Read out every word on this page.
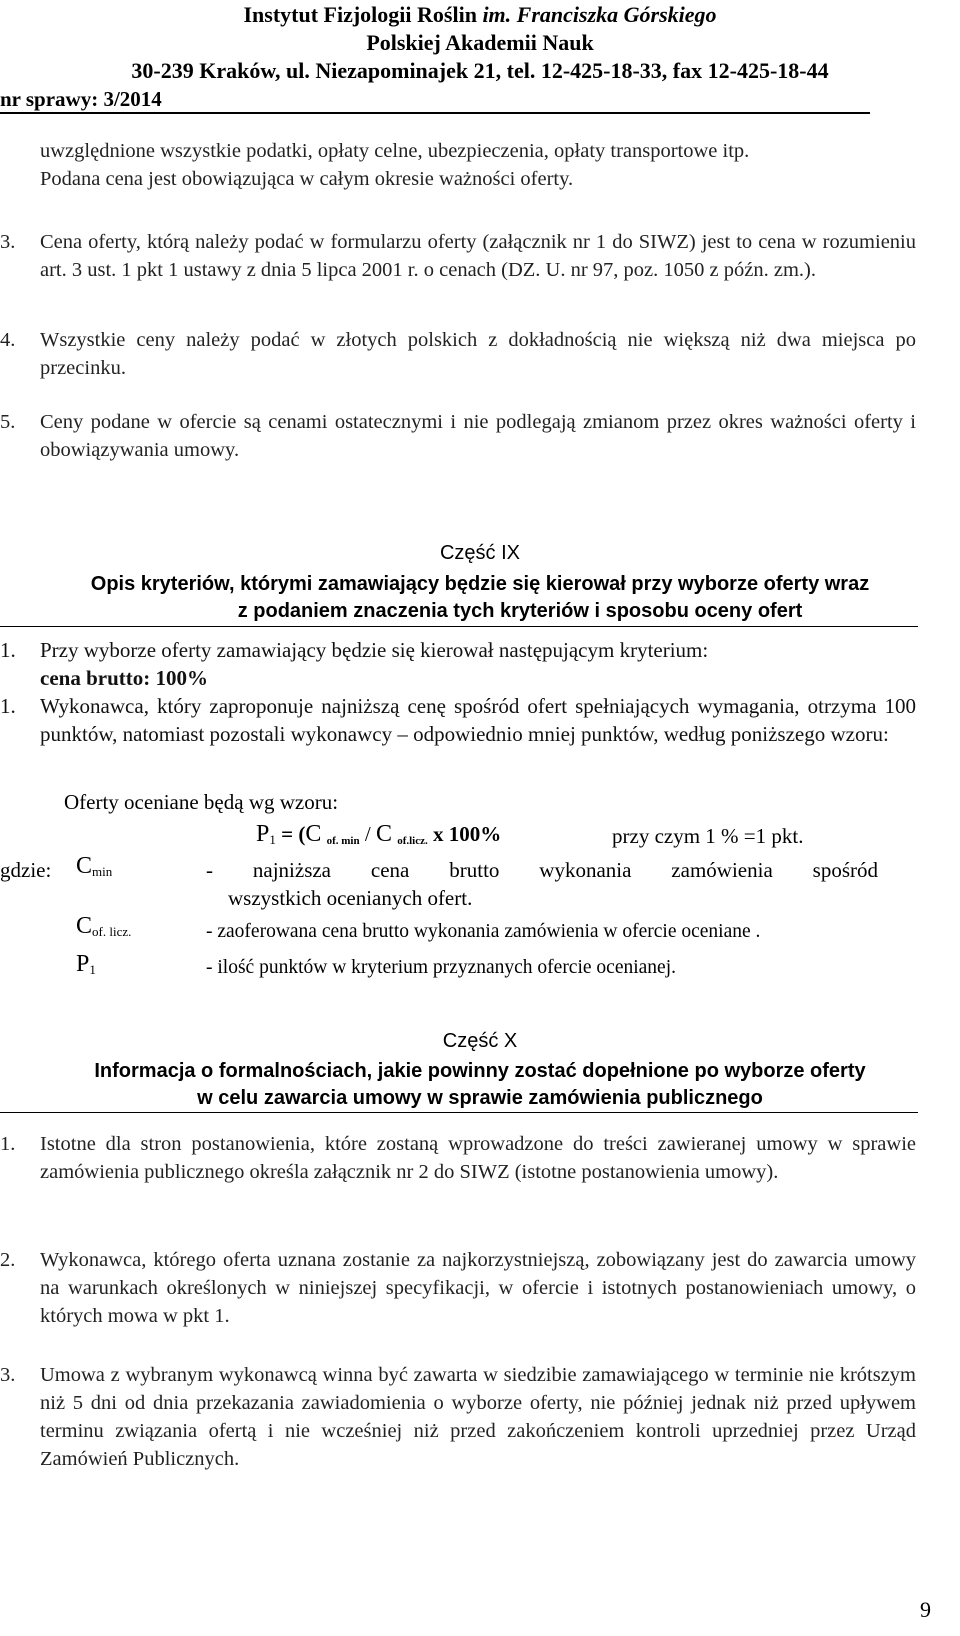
Instytut Fizjologii Roślin im. Franciszka Górskiego
Polskiej Akademii Nauk
30-239 Kraków, ul. Niezapominajek 21, tel. 12-425-18-33, fax 12-425-18-44
nr sprawy: 3/2014
uwzględnione wszystkie podatki, opłaty celne, ubezpieczenia, opłaty transportowe itp.
Podana cena jest obowiązująca w całym okresie ważności oferty.
3. Cena oferty, którą należy podać w formularzu oferty (załącznik nr 1 do SIWZ) jest to cena w rozumieniu art. 3 ust. 1 pkt 1 ustawy z dnia 5 lipca 2001 r. o cenach (DZ. U. nr 97, poz. 1050 z późn. zm.).
4. Wszystkie ceny należy podać w złotych polskich z dokładnością nie większą niż dwa miejsca po przecinku.
5. Ceny podane w ofercie są cenami ostatecznymi i nie podlegają zmianom przez okres ważności oferty i obowiązywania umowy.
Część IX
Opis kryteriów, którymi zamawiający będzie się kierował przy wyborze oferty wraz
z podaniem znaczenia tych kryteriów i sposobu oceny ofert
1. Przy wyborze oferty zamawiający będzie się kierował następującym kryterium:
cena brutto: 100%
1. Wykonawca, który zaproponuje najniższą cenę spośród ofert spełniających wymagania, otrzyma 100 punktów, natomiast pozostali wykonawcy – odpowiednio mniej punktów, według poniższego wzoru:
Oferty oceniane będą wg wzoru:
P1 = (C $_{of. min}$ / C $_{of.licz.}$ x 100%	przy czym 1 % =1 pkt.
gdzie: Cmin	- najniższa cena brutto wykonania zamówienia spośród
wszystkich ocenianych ofert.
Cof. licz.	- zaoferowana cena brutto wykonania zamówienia w ofercie oceniane .
P1	- ilość punktów w kryterium przyznanych ofercie ocenianej.
Część X
Informacja o formalnościach, jakie powinny zostać dopełnione po wyborze oferty
w celu zawarcia umowy w sprawie zamówienia publicznego
1. Istotne dla stron postanowienia, które zostaną wprowadzone do treści zawieranej umowy w sprawie zamówienia publicznego określa załącznik nr 2 do SIWZ (istotne postanowienia umowy).
2. Wykonawca, którego oferta uznana zostanie za najkorzystniejszą, zobowiązany jest do zawarcia umowy na warunkach określonych w niniejszej specyfikacji, w ofercie i istotnych postanowieniach umowy, o których mowa w pkt 1.
3. Umowa z wybranym wykonawcą winna być zawarta w siedzibie zamawiającego w terminie nie krótszym niż 5 dni od dnia przekazania zawiadomienia o wyborze oferty, nie później jednak niż przed upływem terminu związania ofertą i nie wcześniej niż przed zakończeniem kontroli uprzedniej przez Urząd Zamówień Publicznych.
9
